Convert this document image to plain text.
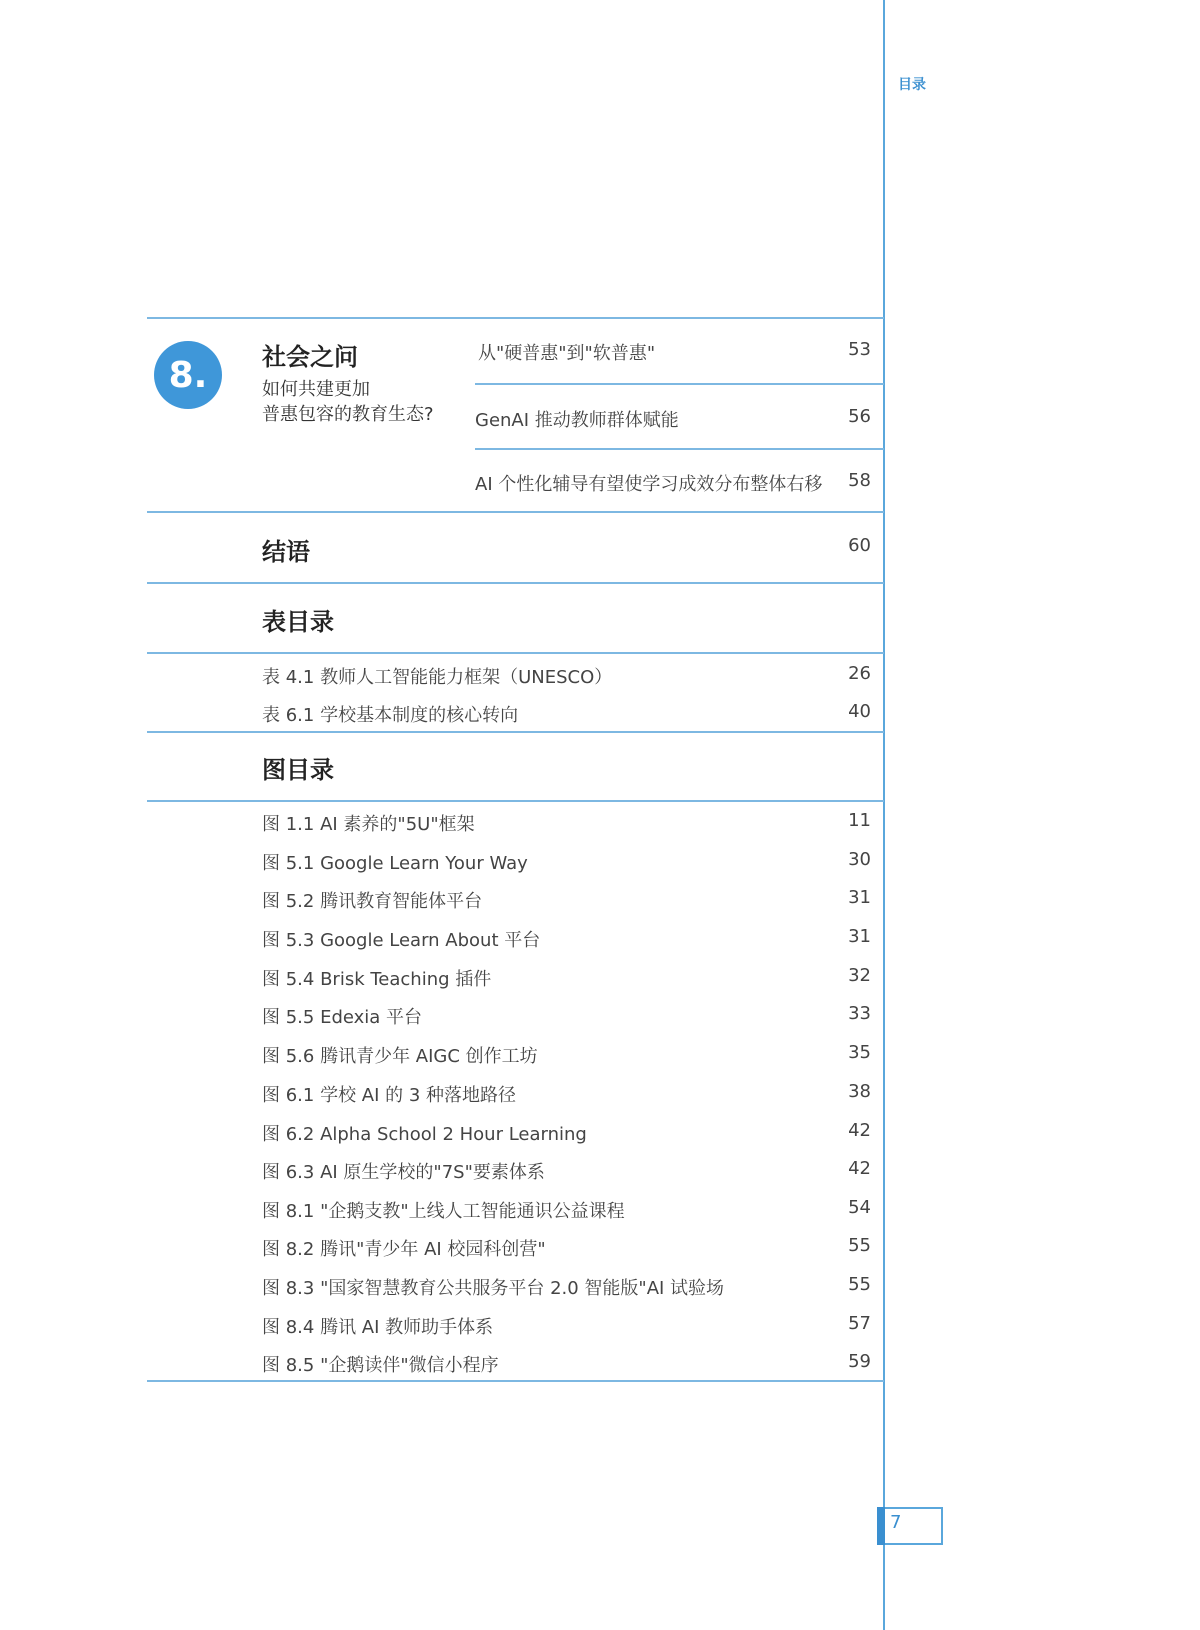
目录
7
8.	社会之问
如何共建更加
普惠包容的教育生态?
从"硬普惠"到"软普惠"	53
GenAI 推动教师群体赋能	56
AI 个性化辅导有望使学习成效分布整体右移 58
结语	60
表目录
表 4.1 教师人工智能能力框架（UNESCO）	26
表 6.1 学校基本制度的核心转向	40
图目录
图 1.1 AI 素养的"5U"框架	11
图 5.1 Google Learn Your Way	30
图 5.2 腾讯教育智能体平台	31
图 5.3 Google Learn About 平台	31
图 5.4 Brisk Teaching 插件	32
图 5.5 Edexia 平台	33
图 5.6 腾讯青少年 AIGC 创作工坊	35
图 6.1 学校 AI 的 3 种落地路径	38
图 6.2 Alpha School 2 Hour Learning	42
图 6.3 AI 原生学校的"7S"要素体系	42
图 8.1 "企鹅支教"上线人工智能通识公益课程	54
图 8.2 腾讯"青少年 AI 校园科创营"	55
图 8.3 "国家智慧教育公共服务平台 2.0 智能版"AI 试验场	55
图 8.4 腾讯 AI 教师助手体系	57
图 8.5 "企鹅读伴"微信小程序	59
